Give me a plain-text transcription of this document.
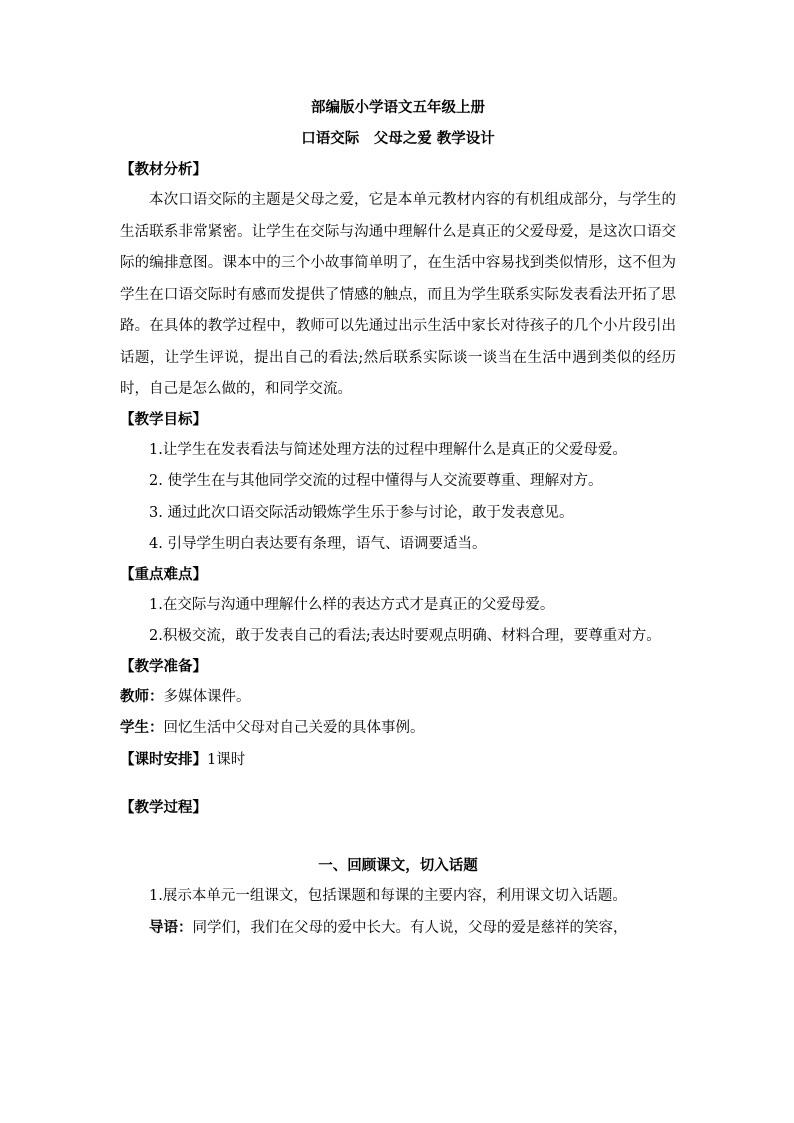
部编版小学语文五年级上册
口语交际　父母之爱 教学设计
【教材分析】
本次口语交际的主题是父母之爱，它是本单元教材内容的有机组成部分，与学生的生活联系非常紧密。让学生在交际与沟通中理解什么是真正的父爱母爱，是这次口语交际的编排意图。课本中的三个小故事简单明了，在生活中容易找到类似情形，这不但为学生在口语交际时有感而发提供了情感的触点，而且为学生联系实际发表看法开拓了思路。在具体的教学过程中，教师可以先通过出示生活中家长对待孩子的几个小片段引出话题，让学生评说，提出自己的看法;然后联系实际谈一谈当在生活中遇到类似的经历时，自己是怎么做的，和同学交流。
【教学目标】
1.让学生在发表看法与简述处理方法的过程中理解什么是真正的父爱母爱。
2. 使学生在与其他同学交流的过程中懂得与人交流要尊重、理解对方。
3. 通过此次口语交际活动锻炼学生乐于参与讨论，敢于发表意见。
4. 引导学生明白表达要有条理，语气、语调要适当。
【重点难点】
1.在交际与沟通中理解什么样的表达方式才是真正的父爱母爱。
2.积极交流，敢于发表自己的看法;表达时要观点明确、材料合理，要尊重对方。
【教学准备】
教师：多媒体课件。
学生：回忆生活中父母对自己关爱的具体事例。
【课时安排】1课时
【教学过程】
一、回顾课文，切入话题
1.展示本单元一组课文，包括课题和每课的主要内容，利用课文切入话题。
导语：同学们，我们在父母的爱中长大。有人说，父母的爱是慈祥的笑容，
